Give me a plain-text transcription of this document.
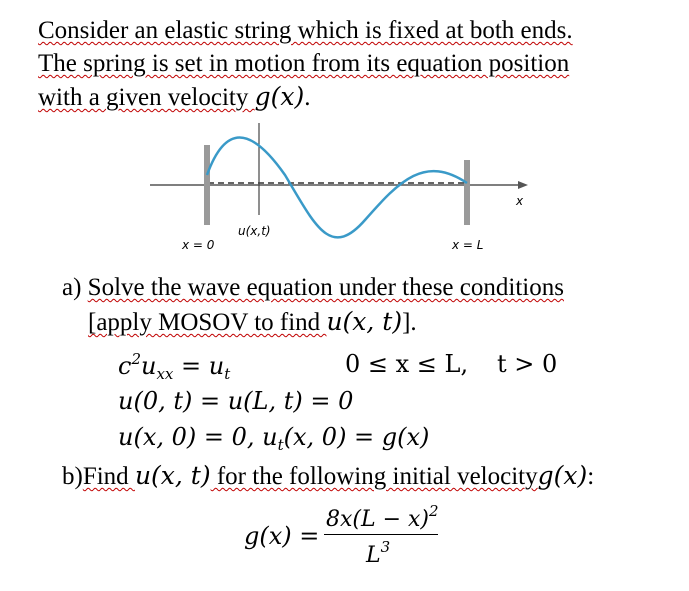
Consider an elastic string which is fixed at both ends.
The spring is set in motion from its equation position
with a given velocity g(x).
x = 0
u(x,t)
x = L
x
a) Solve the wave equation under these conditions
[apply MOSOV to find u(x, t)].
$c^2u_{xx} = u_t$	0 ≤ x ≤ L, t > 0
u(0, t) = u(L, t) = 0
u(x, 0) = 0, $u_t(x$, 0) = g(x)
b)Find u(x, t) for the following initial velocityg(x):
g(x) =
$8x(L - x)^2$
$L^3$
